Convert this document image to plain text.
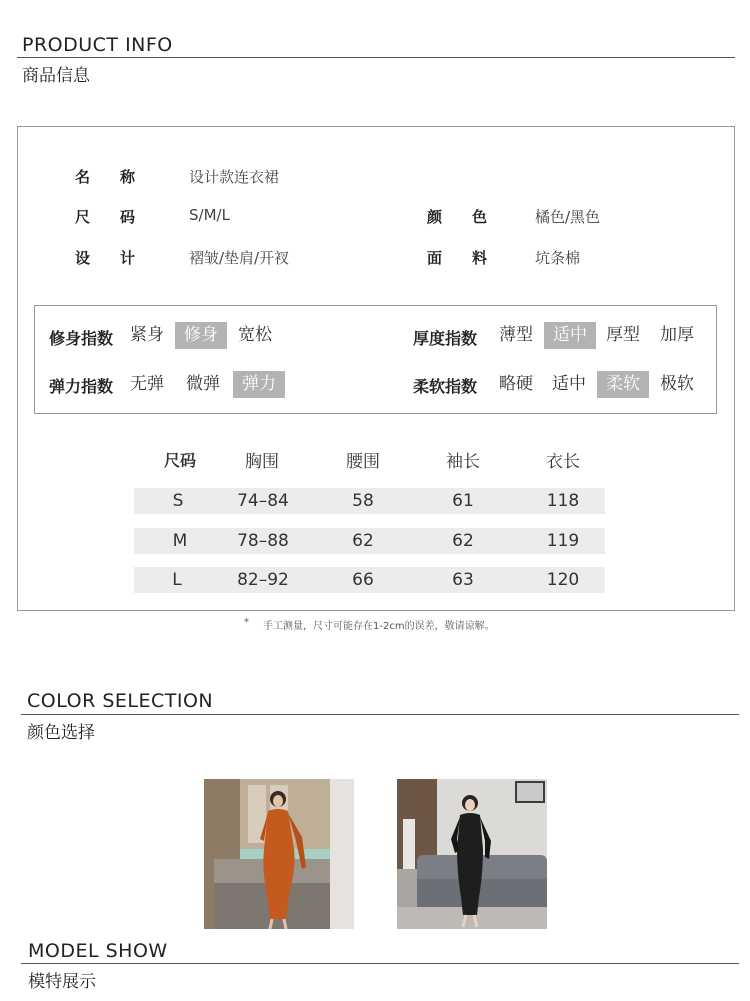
PRODUCT INFO
商品信息
名　　称	设计款连衣裙
尺　　码	S/M/L	颜　　色	橘色/黑色
设　　计	褶皱/垫肩/开衩	面　　料	坑条棉
修身指数 紧身	修身	宽松	厚度指数 薄型	适中	厚型 加厚
弹力指数 无弹 微弹	弹力	柔软指数 略硬 适中	柔软	极软
尺码	胸围	腰围	袖长	衣长
S	74–84	58	61	118
M	78–88	62	62	119
L	82–92	66	63	120
* 手工测量，尺寸可能存在1-2cm的误差，敬请谅解。
COLOR SELECTION
颜色选择
MODEL SHOW
模特展示
